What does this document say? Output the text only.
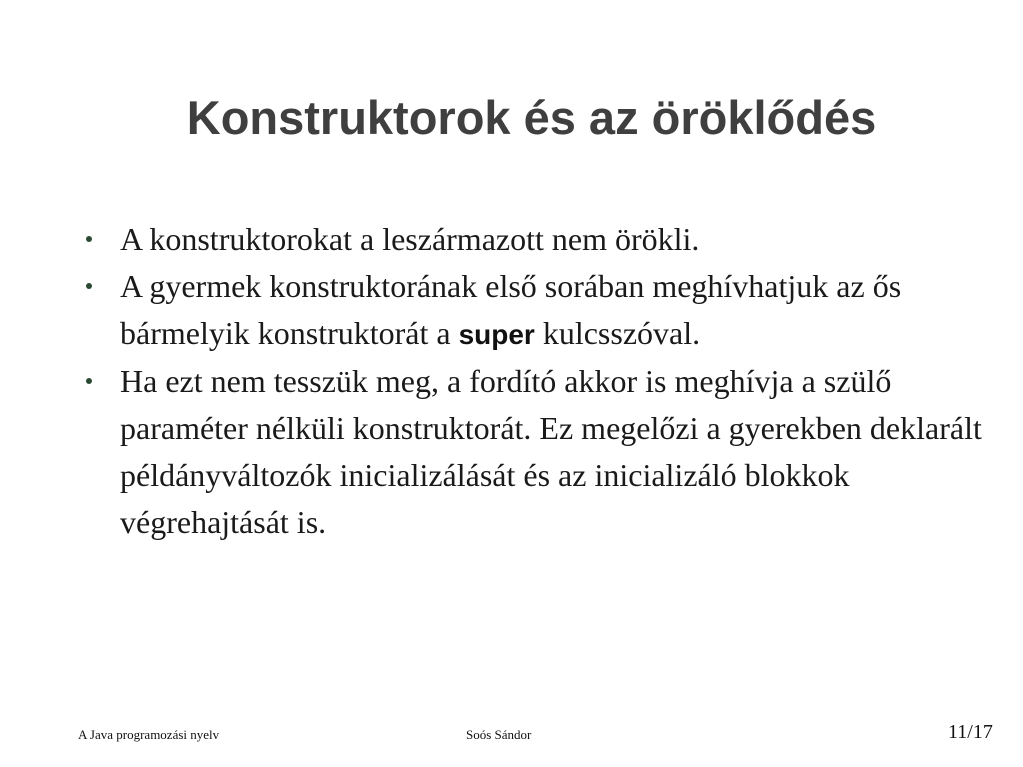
Konstruktorok és az öröklődés
A konstruktorokat a leszármazott nem örökli.
A gyermek konstruktorának első sorában meghívhatjuk az ős bármelyik konstruktorát a super kulcsszóval.
Ha ezt nem tesszük meg, a fordító akkor is meghívja a szülő paraméter nélküli konstruktorát. Ez megelőzi a gyerekben deklarált példányváltozók inicializálását és az inicializáló blokkok végrehajtását is.
A Java programozási nyelv	Soós Sándor	11/17
